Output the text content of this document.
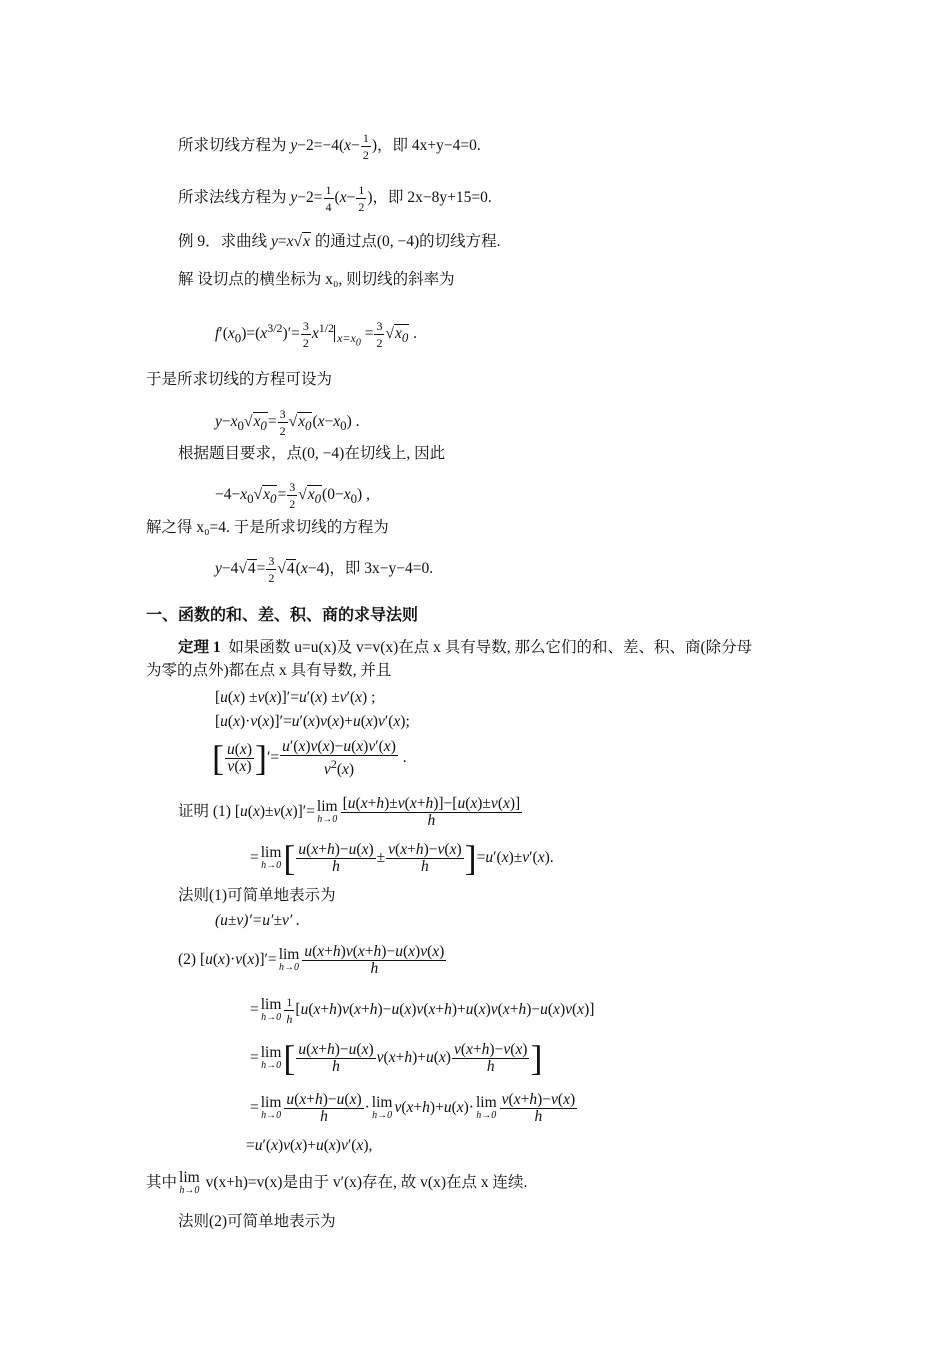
所求切线方程为 $y-2=-4(x- \frac{1}{2}$ )，即 4x+y−4=0.
所求法线方程为 $y-2= \frac{1}{4} (x- \frac{1}{2}$ )，即 2x−8y+15=0.
例 9．求曲线 y=x√x 的通过点(0, −4)的切线方程.
解 设切点的横坐标为 x₀, 则切线的斜率为
$f'(x_0)=(x^{3/2})'= \frac{3}{2} x^{1/2}_{x=x_0} = \frac{3}{2} √x_0$ .
于是所求切线的方程可设为
$y-x_0√x_0= \frac{3}{2} √x_0(x-x_0)$ .
根据题目要求，点(0, −4)在切线上, 因此
$-4-x_0√x_0= \frac{3}{2} √x_0(0-x_0)$ ,
解之得 x₀=4. 于是所求切线的方程为
$y-4√4= \frac{3}{2} √4(x-4)$，即 3x−y−4=0.
一、函数的和、差、积、商的求导法则
定理 1 如果函数 u=u(x)及 v=v(x)在点 x 具有导数, 那么它们的和、差、积、商(除分母
为零的点外)都在点 x 具有导数, 并且
[u(x) ±v(x)]′=u′(x) ±v′(x) ;
[u(x)·v(x)]′=u′(x)v(x)+u(x)v′(x);
[ $\frac{u(x)}{v(x)}$ ]′= $\frac{u'(x)v(x)-u(x)v'(x)}{v^2(x)}$ .
证明 (1) [u(x)±v(x)]′= lim
$h\to 0 \frac{[u(x+h)\pm v(x+h)]-[u(x)\pm v(x)]}{h}$
= lim
h→0 [ $\frac{u(x+h)-u(x)}{h} \pm \frac{v(x+h)-v(x)}{h} ]=u'(x)\pm v'(x)$.
法则(1)可简单地表示为
(u±v)′=u′±v′ .
(2) [u(x)·v(x)]′= lim
$h\to 0 \frac{u(x+h)v(x+h)-u(x)v(x)}{h}$
= lim
$h\to 0 \frac{1}{h} [u(x+h)v(x+h)-u(x)v(x+h)+u(x)v(x+h)-u(x)v(x)]$
= lim
h→0 [ $\frac{u(x+h)-u(x)}{h} v(x+h)+u(x) \frac{v(x+h)-v(x)}{h}$ ]
= lim
$h\to 0 \frac{u(x+h)-u(x)}{h} \cdot \lim$
h→0 v(x+h)+u(x)· lim
$h\to 0 \frac{v(x+h)-v(x)}{h}$
=u′(x)v(x)+u(x)v′(x),
其中 lim
h→0 v(x+h)=v(x)是由于 v′(x)存在, 故 v(x)在点 x 连续.
法则(2)可简单地表示为
